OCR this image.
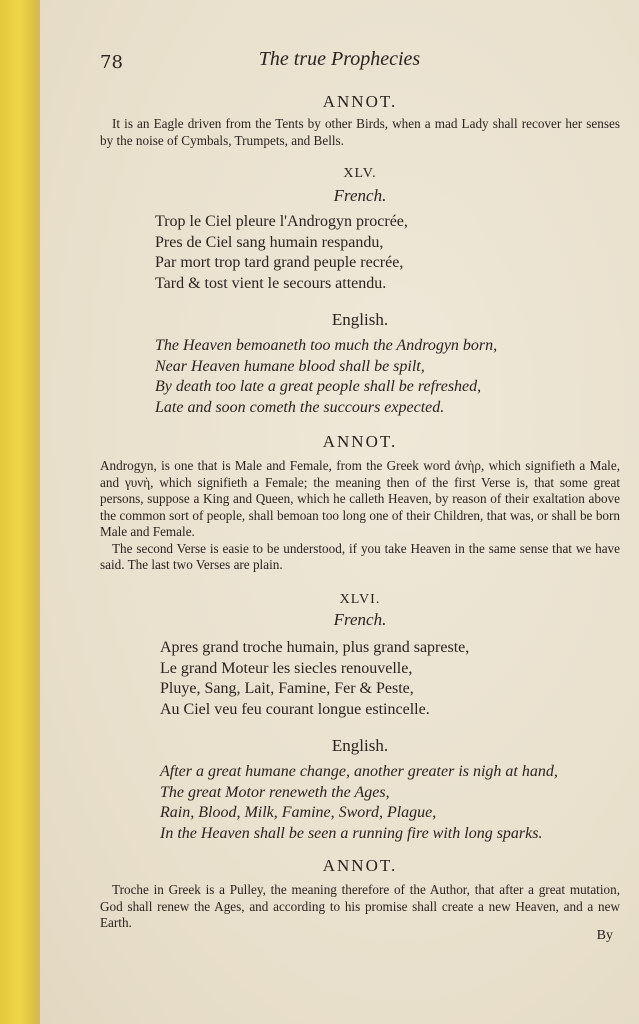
78	The true Prophecies
ANNOT.

It is an Eagle driven from the Tents by other Birds, when a mad Lady shall recover her senses by the noise of Cymbals, Trumpets, and Bells.

XLV.
French.
Trop le Ciel pleure l'Androgyn procrée,
Pres de Ciel sang humain respandu,
Par mort trop tard grand peuple recrée,
Tard & tost vient le secours attendu.
English.
The Heaven bemoaneth too much the Androgyn born,
Near Heaven humane blood shall be spilt,
By death too late a great people shall be refreshed,
Late and soon cometh the succours expected.
ANNOT.

Androgyn, is one that is Male and Female, from the Greek word ἀνὴρ, which signifieth a Male, and γυνὴ, which signifieth a Female; the meaning then of the first Verse is, that some great persons, suppose a King and Queen, which he calleth Heaven, by reason of their exaltation above the common sort of people, shall bemoan too long one of their Children, that was, or shall be born Male and Female.

The second Verse is easie to be understood, if you take Heaven in the same sense that we have said. The last two Verses are plain.

XLVI.
French.
Apres grand troche humain, plus grand sapreste,
Le grand Moteur les siecles renouvelle,
Pluye, Sang, Lait, Famine, Fer & Peste,
Au Ciel veu feu courant longue estincelle.
English.
After a great humane change, another greater is nigh at hand,
The great Motor reneweth the Ages,
Rain, Blood, Milk, Famine, Sword, Plague,
In the Heaven shall be seen a running fire with long sparks.
ANNOT.

Troche in Greek is a Pulley, the meaning therefore of the Author, that after a great mutation, God shall renew the Ages, and according to his promise shall create a new Heaven, and a new Earth.

By
